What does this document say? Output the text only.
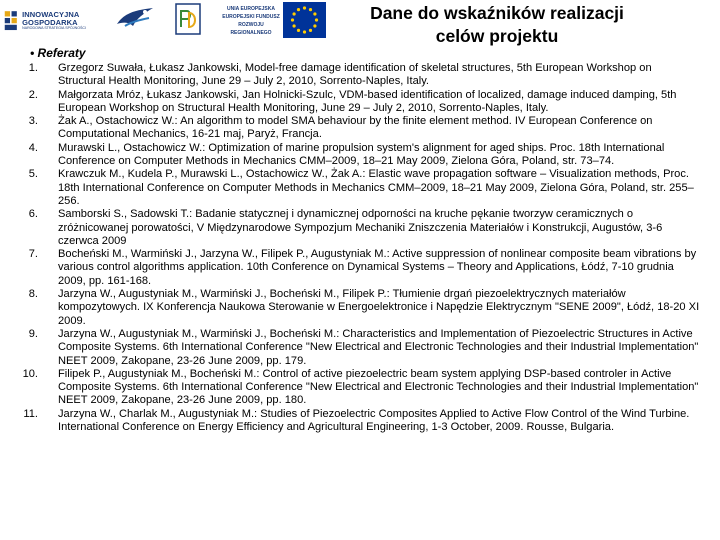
INNOWACYJNA
GOSPODARKA
NARODOWA STRATEGIA SPÓJNOŚCI
UNIA EUROPEJSKA
EUROPEJSKI FUNDUSZ
ROZWOJU REGIONALNEGO
Dane do wskaźników realizacji celów projektu
• Referaty
1. Grzegorz Suwała, Łukasz Jankowski, Model-free damage identification of skeletal structures, 5th European Workshop on Structural Health Monitoring, June 29 – July 2, 2010, Sorrento-Naples, Italy.
2. Małgorzata Mróz, Łukasz Jankowski, Jan Holnicki-Szulc, VDM-based identification of localized, damage induced damping, 5th European Workshop on Structural Health Monitoring, June 29 – July 2, 2010, Sorrento-Naples, Italy.
3. Żak A., Ostachowicz W.: An algorithm to model SMA behaviour by the finite element method. IV European Conference on Computational Mechanics, 16-21 maj, Paryż, Francja.
4. Murawski L., Ostachowicz W.: Optimization of marine propulsion system's alignment for aged ships. Proc. 18th International Conference on Computer Methods in Mechanics CMM–2009, 18–21 May 2009, Zielona Góra, Poland, str. 73–74.
5. Krawczuk M., Kudela P., Murawski L., Ostachowicz W., Żak A.: Elastic wave propagation software – Visualization methods, Proc. 18th International Conference on Computer Methods in Mechanics CMM–2009, 18–21 May 2009, Zielona Góra, Poland, str. 255–256.
6. Samborski S., Sadowski T.: Badanie statycznej i dynamicznej odporności na kruche pękanie tworzyw ceramicznych o zróżnicowanej porowatości, V Międzynarodowe Sympozjum Mechaniki Zniszczenia Materiałów i Konstrukcji, Augustów, 3-6 czerwca 2009
7. Bocheński M., Warmiński J., Jarzyna W., Filipek P., Augustyniak M.: Active suppression of nonlinear composite beam vibrations by various control algorithms application. 10th Conference on Dynamical Systems – Theory and Applications, Łódź, 7-10 grudnia 2009, pp. 161-168.
8. Jarzyna W., Augustyniak M., Warmiński J., Bocheński M., Filipek P.: Tłumienie drgań piezoelektrycznych materiałów kompozytowych. IX Konferencja Naukowa Sterowanie w Energoelektronice i Napędzie Elektrycznym "SENE 2009", Łódź, 18-20 XI 2009.
9. Jarzyna W., Augustyniak M., Warmiński J., Bocheński M.: Characteristics and Implementation of Piezoelectric Structures in Active Composite Systems. 6th International Conference "New Electrical and Electronic Technologies and their Industrial Implementation" NEET 2009, Zakopane, 23-26 June 2009, pp. 179.
10. Filipek P., Augustyniak M., Bocheński M.: Control of active piezoelectric beam system applying DSP-based controler in Active Composite Systems. 6th International Conference "New Electrical and Electronic Technologies and their Industrial Implementation" NEET 2009, Zakopane, 23-26 June 2009, pp. 180.
11. Jarzyna W., Charlak M., Augustyniak M.: Studies of Piezoelectric Composites Applied to Active Flow Control of the Wind Turbine. International Conference on Energy Efficiency and Agricultural Engineering, 1-3 October, 2009. Rousse, Bulgaria.
